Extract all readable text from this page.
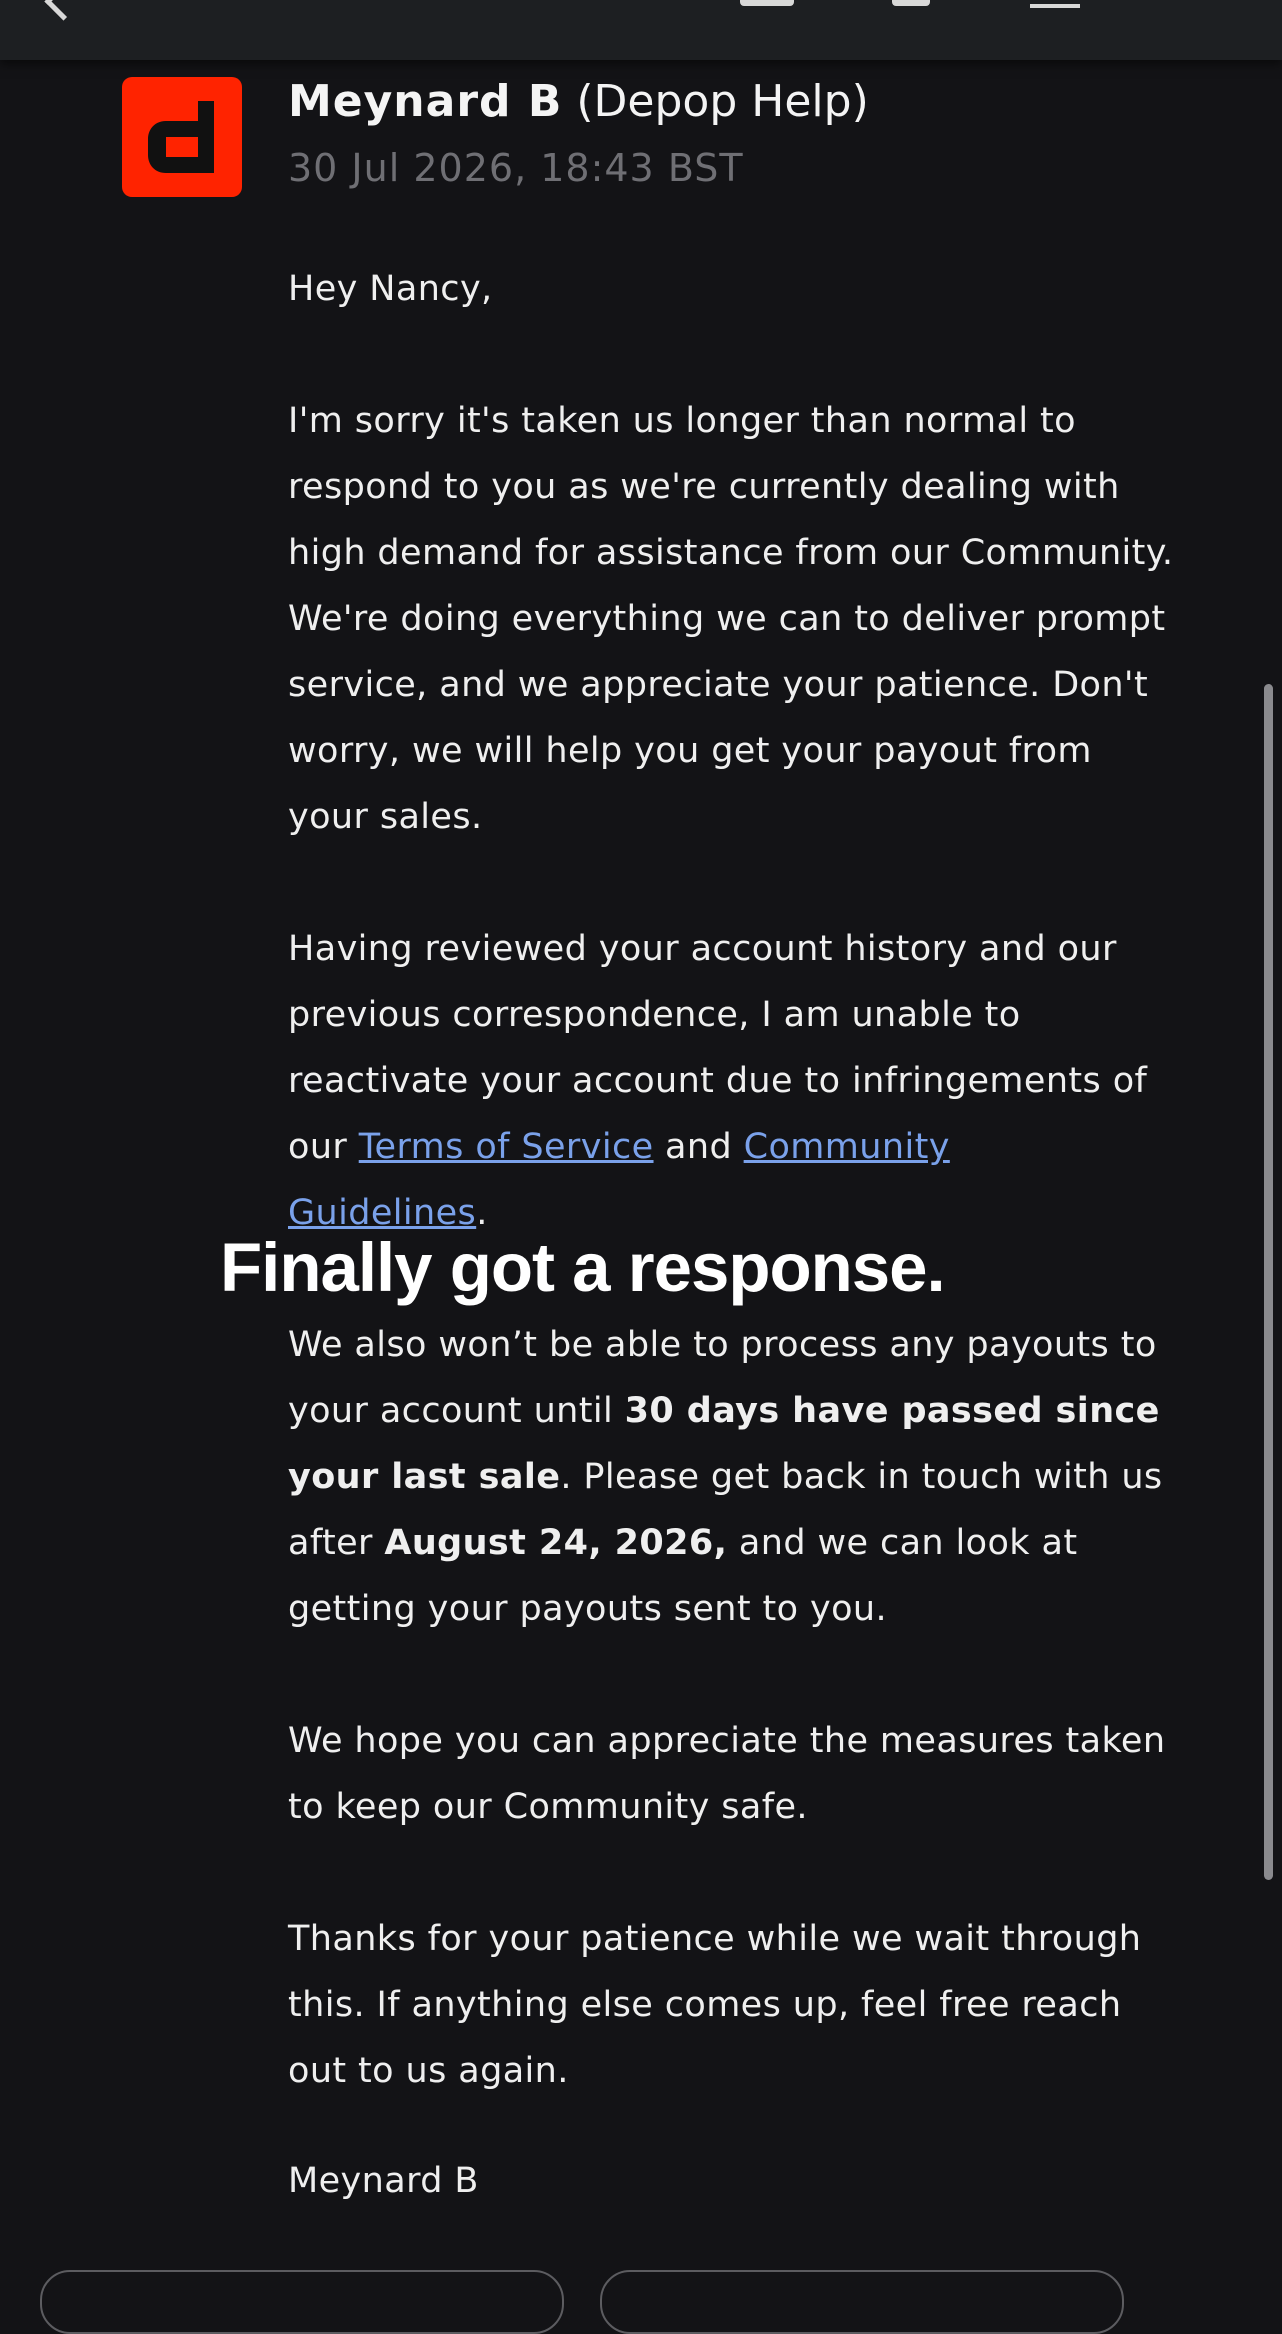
Meynard B (Depop Help)
30 Jul 2026, 18:43 BST

Hey Nancy,

I'm sorry it's taken us longer than normal to
respond to you as we're currently dealing with
high demand for assistance from our Community.
We're doing everything we can to deliver prompt
service, and we appreciate your patience. Don't
worry, we will help you get your payout from
your sales.

Having reviewed your account history and our
previous correspondence, I am unable to
reactivate your account due to infringements of
our Terms of Service and Community
Guidelines.

We also won’t be able to process any payouts to
your account until 30 days have passed since
your last sale. Please get back in touch with us
after August 24, 2026, and we can look at
getting your payouts sent to you.

We hope you can appreciate the measures taken
to keep our Community safe.

Thanks for your patience while we wait through
this. If anything else comes up, feel free reach
out to us again.

Meynard B

Finally got a response.
